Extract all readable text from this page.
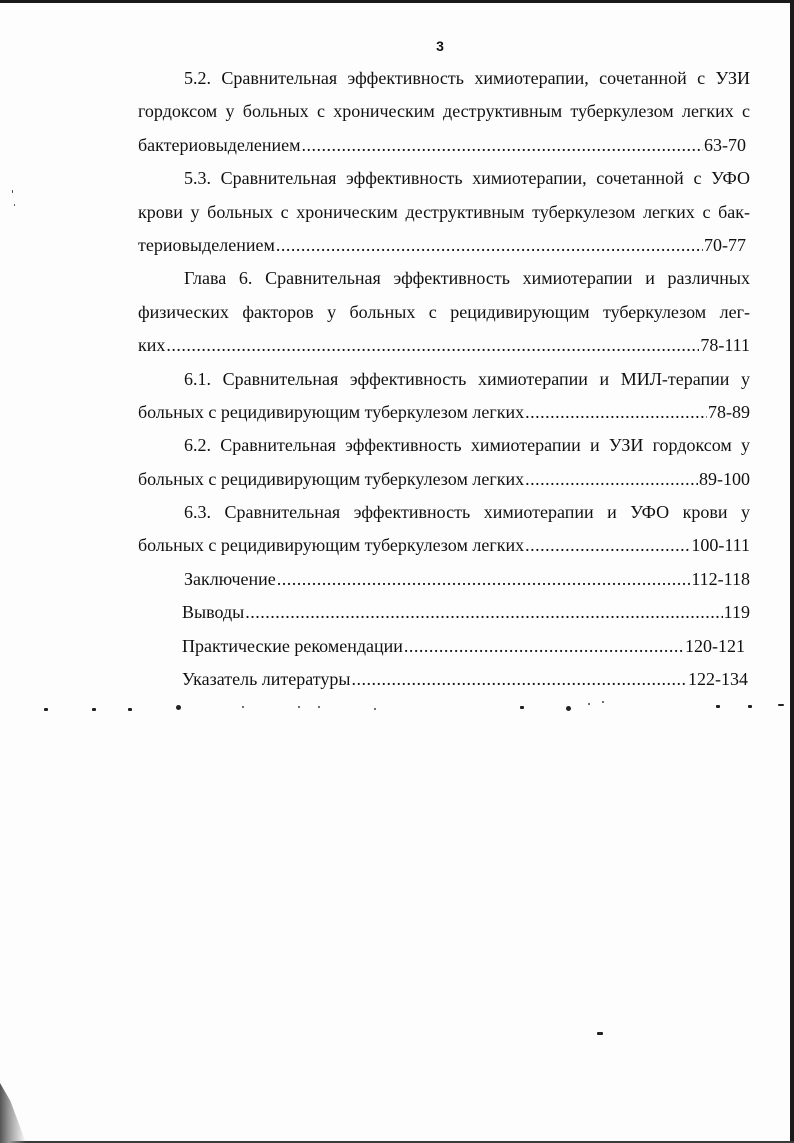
3
5.2. Сравнительная эффективность химиотерапии, сочетанной с УЗИ
гордоксом у больных с хроническим деструктивным туберкулезом легких с
бактериовыделением .....	63-70
5.3. Сравнительная эффективность химиотерапии, сочетанной с УФО
крови у больных с хроническим деструктивным туберкулезом легких с бак-
териовыделением .....	70-77
Глава 6. Сравнительная эффективность химиотерапии и различных
физических факторов у больных с рецидивирующим туберкулезом лег-
ких .....	78-111
6.1. Сравнительная эффективность химиотерапии и МИЛ-терапии у
больных с рецидивирующим туберкулезом легких .....	78-89
6.2. Сравнительная эффективность химиотерапии и УЗИ гордоксом у
больных с рецидивирующим туберкулезом легких .....	89-100
6.3. Сравнительная эффективность химиотерапии и УФО крови у
больных с рецидивирующим туберкулезом легких .....	100-111
Заключение .....	112-118
Выводы .....	119
Практические рекомендации .....	120-121
Указатель литературы .....	122-134
